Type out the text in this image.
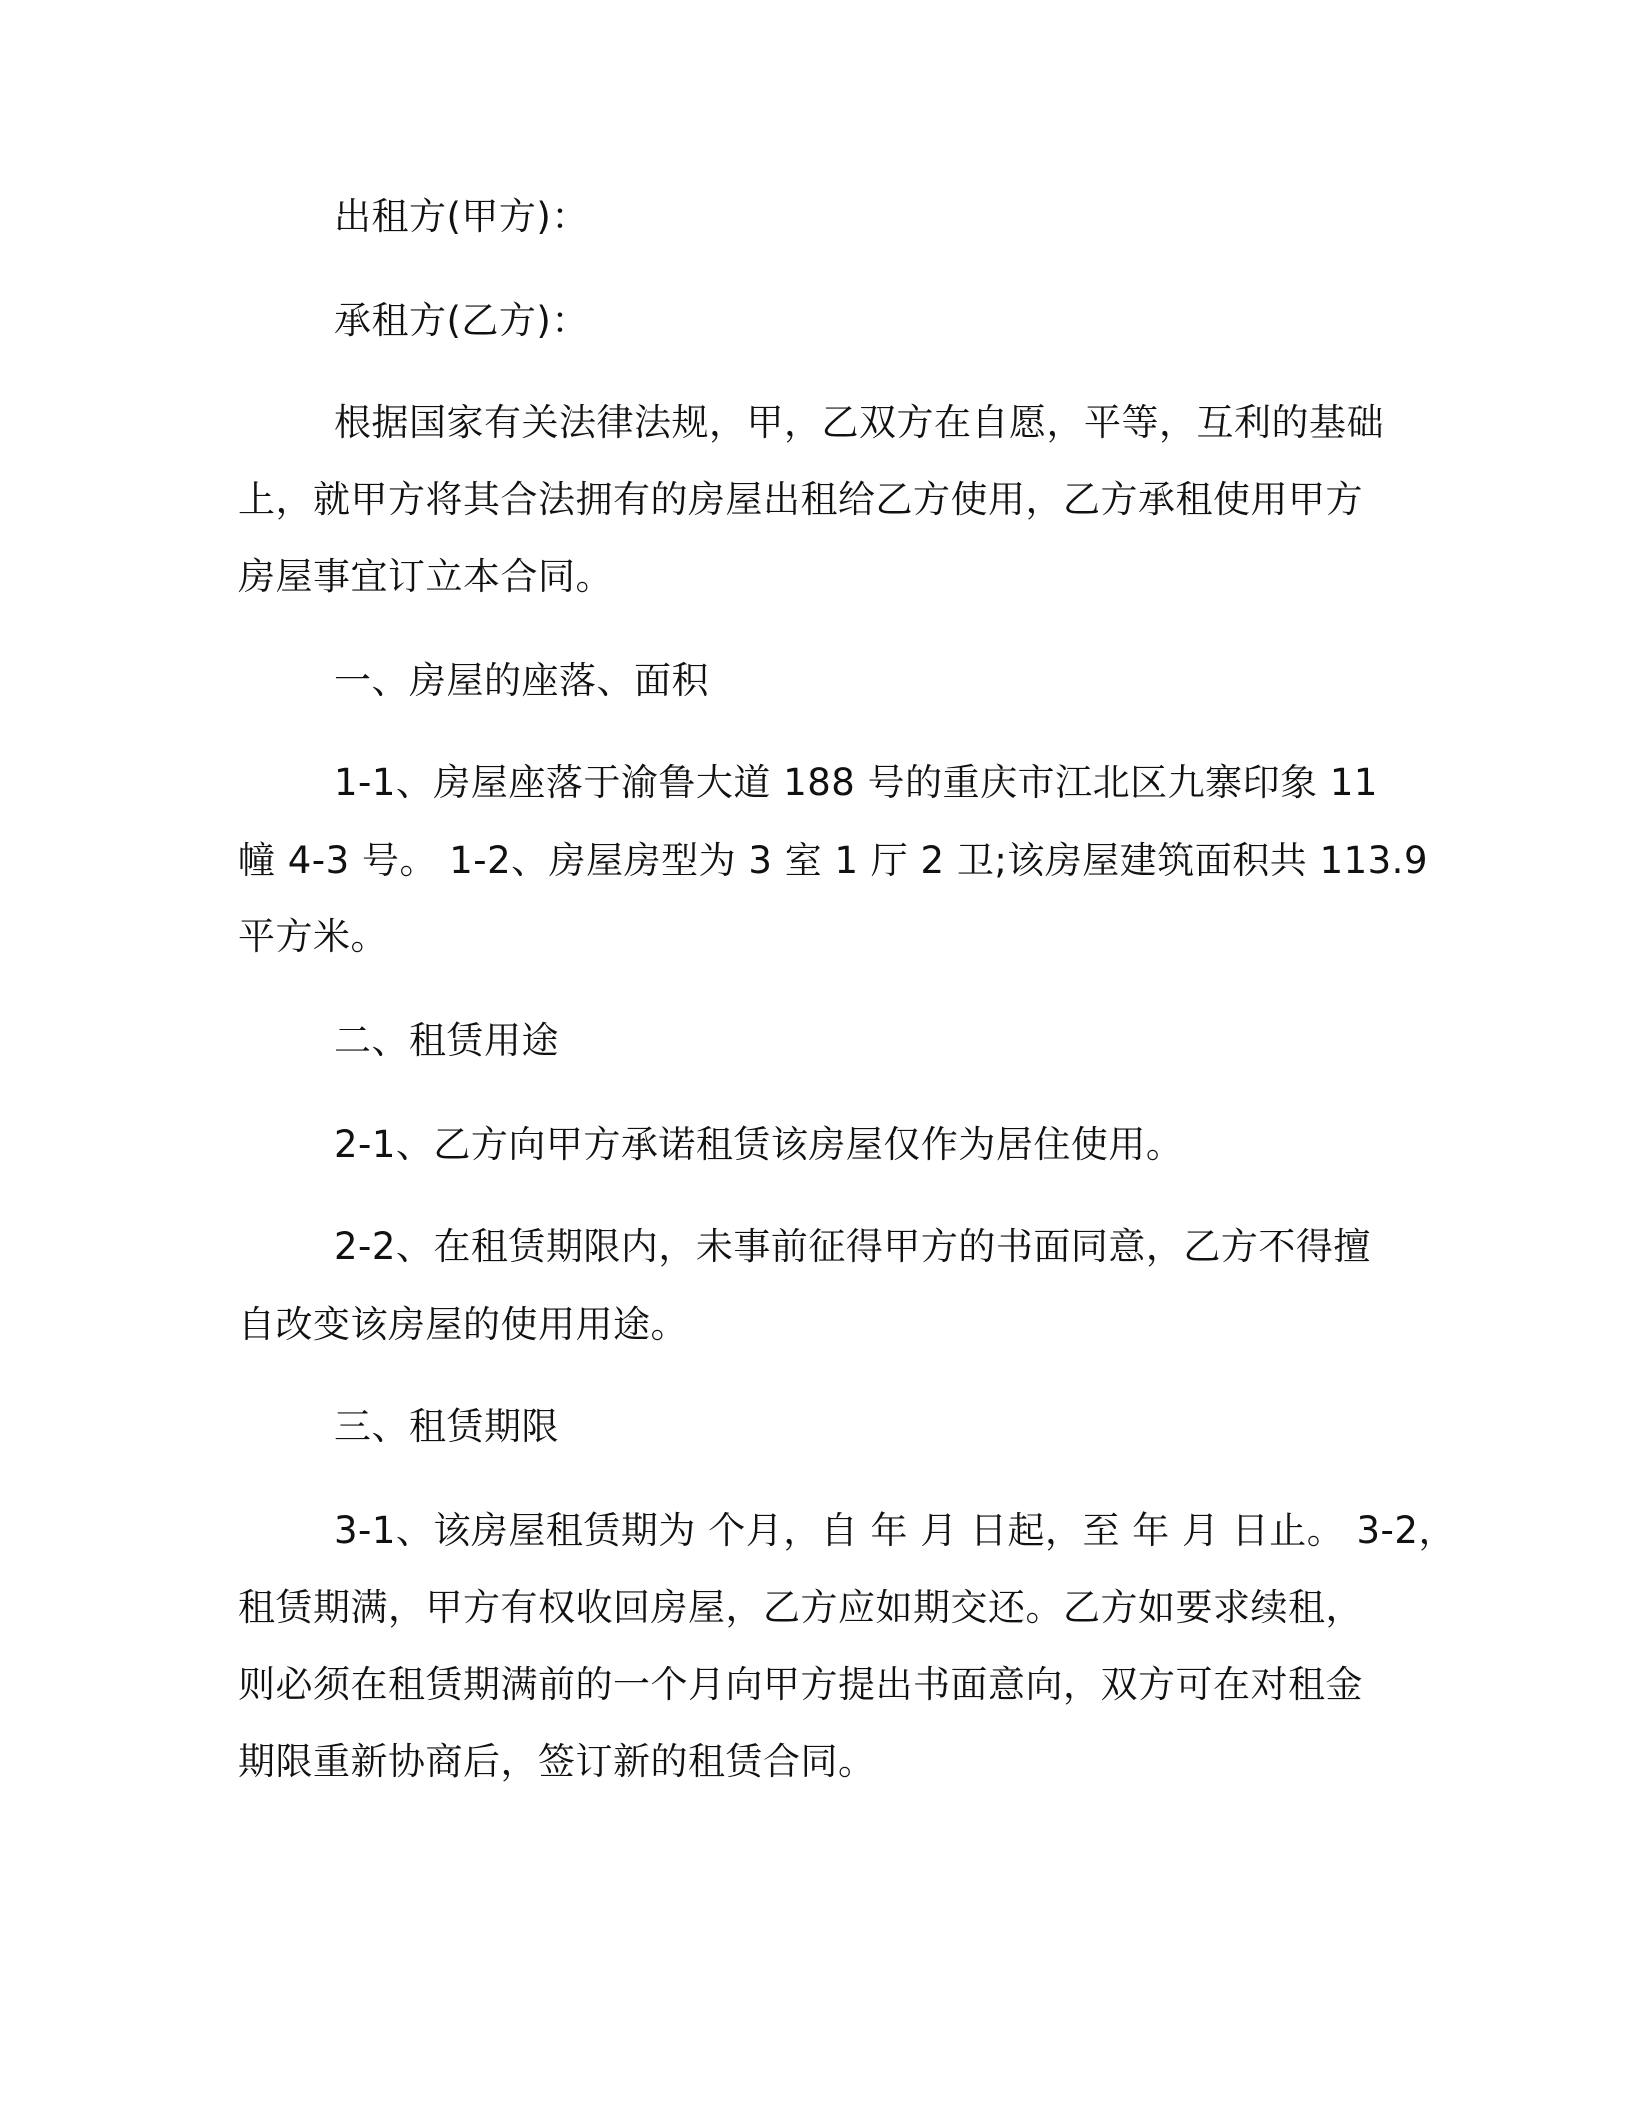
出租方(甲方)：
承租方(乙方)：
根据国家有关法律法规，甲，乙双方在自愿，平等，互利的基础
上，就甲方将其合法拥有的房屋出租给乙方使用，乙方承租使用甲方
房屋事宜订立本合同。
一、房屋的座落、面积
1-1、房屋座落于渝鲁大道 188 号的重庆市江北区九寨印象 11
幢 4-3 号。 1-2、房屋房型为 3 室 1 厅 2 卫;该房屋建筑面积共 113.9
平方米。
二、租赁用途
2-1、乙方向甲方承诺租赁该房屋仅作为居住使用。
2-2、在租赁期限内，未事前征得甲方的书面同意，乙方不得擅
自改变该房屋的使用用途。
三、租赁期限
3-1、该房屋租赁期为 个月，自 年 月 日起，至 年 月 日止。 3-2，
租赁期满，甲方有权收回房屋，乙方应如期交还。乙方如要求续租，
则必须在租赁期满前的一个月向甲方提出书面意向，双方可在对租金
期限重新协商后，签订新的租赁合同。
